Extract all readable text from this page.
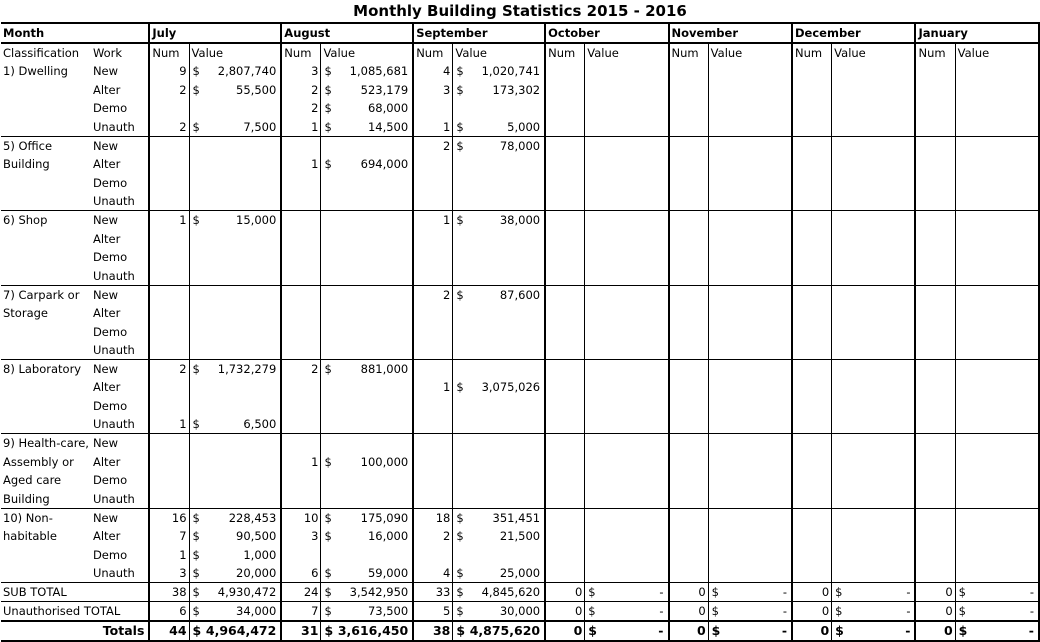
Monthly Building Statistics 2015 - 2016
Month		July			August			September			October			November			December			January		
Classification	Work	Num	Value		Num	Value		Num	Value		Num	Value		Num	Value		Num	Value		Num	Value	
1) Dwelling	New	9	$	2,807,740	3	$	1,085,681	4	$	1,020,741												
	Alter	2	$	55,500	2	$	523,179	3	$	173,302												
	Demo				2	$	68,000															
	Unauth	2	$	7,500	1	$	14,500	1	$	5,000												
5) Office	New							2	$	78,000												
Building	Alter				1	$	694,000															
	Demo																					
	Unauth																					
6) Shop	New	1	$	15,000				1	$	38,000												
	Alter																					
	Demo																					
	Unauth																					
7) Carpark or	New							2	$	87,600												
Storage	Alter																					
	Demo																					
	Unauth																					
8) Laboratory	New	2	$	1,732,279	2	$	881,000															
	Alter							1	$	3,075,026												
	Demo																					
	Unauth	1	$	6,500																		
9) Health-care,	New																					
Assembly or	Alter				1	$	100,000															
Aged care	Demo																					
Building	Unauth																					
10) Non-	New	16	$	228,453	10	$	175,090	18	$	351,451												
habitable	Alter	7	$	90,500	3	$	16,000	2	$	21,500												
	Demo	1	$	1,000																		
	Unauth	3	$	20,000	6	$	59,000	4	$	25,000												
SUB TOTAL		38	$	4,930,472	24	$	3,542,950	33	$	4,845,620	0	$	-	0	$	-	0	$	-	0	$	-
Unauthorised TOTAL		6	$	34,000	7	$	73,500	5	$	30,000	0	$	-	0	$	-	0	$	-	0	$	-
Totals		44	$	4,964,472	31	$	3,616,450	38	$	4,875,620	0	$	-	0	$	-	0	$	-	0	$	-
